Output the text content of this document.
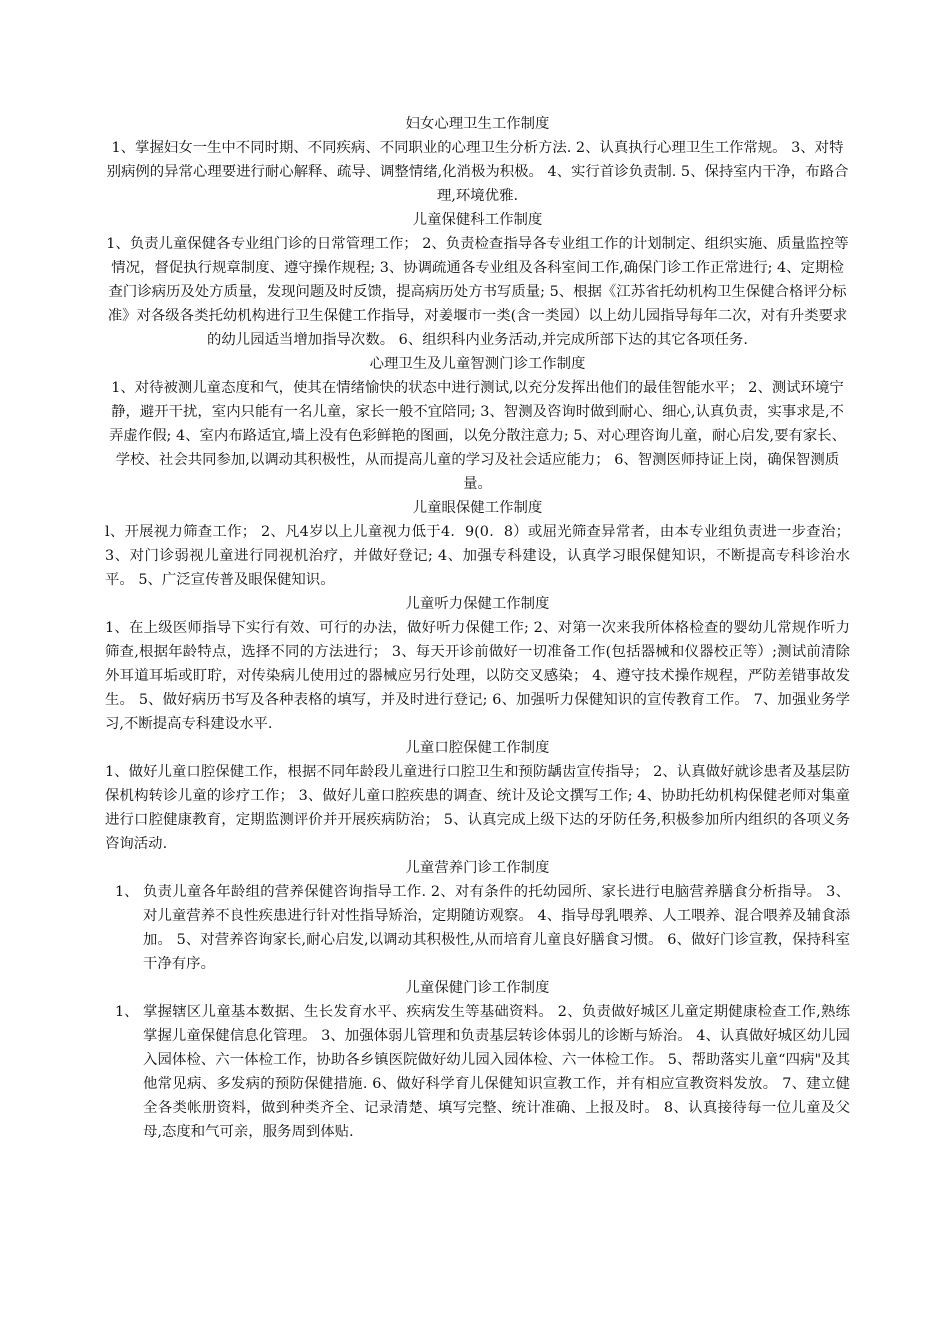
妇女心理卫生工作制度

1、掌握妇女一生中不同时期、不同疾病、不同职业的心理卫生分析方法. 2、认真执行心理卫生工作常规。 3、对特别病例的异常心理要进行耐心解释、疏导、调整情绪,化消极为积极。 4、实行首诊负责制. 5、保持室内干净，布路合理,环境优雅.

儿童保健科工作制度

1、负责儿童保健各专业组门诊的日常管理工作； 2、负责检查指导各专业组工作的计划制定、组织实施、质量监控等情况，督促执行规章制度、遵守操作规程; 3、协调疏通各专业组及各科室间工作,确保门诊工作正常进行; 4、定期检查门诊病历及处方质量，发现问题及时反馈，提高病历处方书写质量; 5、根据《江苏省托幼机构卫生保健合格评分标准》对各级各类托幼机构进行卫生保健工作指导，对姜堰市一类(含一类园）以上幼儿园指导每年二次，对有升类要求的幼儿园适当增加指导次数。 6、组织科内业务活动,并完成所部下达的其它各项任务.

心理卫生及儿童智测门诊工作制度

1、对待被测儿童态度和气，使其在情绪愉快的状态中进行测试,以充分发挥出他们的最佳智能水平； 2、测试环境宁静，避开干扰，室内只能有一名儿童，家长一般不宜陪同; 3、智测及咨询时做到耐心、细心,认真负责，实事求是,不弄虚作假; 4、室内布路适宜,墙上没有色彩鲜艳的图画，以免分散注意力; 5、对心理咨询儿童，耐心启发,要有家长、学校、社会共同参加,以调动其积极性，从而提高儿童的学习及社会适应能力； 6、智测医师持证上岗，确保智测质量。

儿童眼保健工作制度

l、开展视力筛查工作； 2、凡4岁以上儿童视力低于4．9(0．8）或屈光筛查异常者，由本专业组负责进一步查治； 3、对门诊弱视儿童进行同视机治疗，并做好登记; 4、加强专科建设，认真学习眼保健知识，不断提高专科诊治水平。 5、广泛宣传普及眼保健知识。

儿童听力保健工作制度

1、在上级医师指导下实行有效、可行的办法，做好听力保健工作; 2、对第一次来我所体格检查的婴幼儿常规作听力筛查,根据年龄特点，选择不同的方法进行； 3、每天开诊前做好一切准备工作(包括器械和仪器校正等）;测试前清除外耳道耳垢或盯聍，对传染病儿使用过的器械应另行处理，以防交叉感染； 4、遵守技术操作规程，严防差错事故发生。 5、做好病历书写及各种表格的填写，并及时进行登记; 6、加强听力保健知识的宣传教育工作。 7、加强业务学习,不断提高专科建设水平.

儿童口腔保健工作制度

1、做好儿童口腔保健工作，根据不同年龄段儿童进行口腔卫生和预防龋齿宣传指导； 2、认真做好就诊患者及基层防保机构转诊儿童的诊疗工作； 3、做好儿童口腔疾患的调查、统计及论文撰写工作; 4、协助托幼机构保健老师对集童进行口腔健康教育，定期监测评价并开展疾病防治； 5、认真完成上级下达的牙防任务,积极参加所内组织的各项义务咨询活动.

儿童营养门诊工作制度

1、 负责儿童各年龄组的营养保健咨询指导工作. 2、对有条件的托幼园所、家长进行电脑营养膳食分析指导。 3、对儿童营养不良性疾患进行针对性指导矫治，定期随访观察。 4、指导母乳喂养、人工喂养、混合喂养及辅食添加。 5、对营养咨询家长,耐心启发,以调动其积极性,从而培育儿童良好膳食习惯。 6、做好门诊宣教，保持科室干净有序。

儿童保健门诊工作制度

1、 掌握辖区儿童基本数据、生长发育水平、疾病发生等基础资料。 2、负责做好城区儿童定期健康检查工作,熟练掌握儿童保健信息化管理。 3、加强体弱儿管理和负责基层转诊体弱儿的诊断与矫治。 4、认真做好城区幼儿园入园体检、六一体检工作，协助各乡镇医院做好幼儿园入园体检、六一体检工作。 5、帮助落实儿童“四病"及其他常见病、多发病的预防保健措施. 6、做好科学育儿保健知识宣教工作，并有相应宣教资料发放。 7、建立健全各类帐册资料，做到种类齐全、记录清楚、填写完整、统计准确、上报及时。 8、认真接待每一位儿童及父母,态度和气可亲，服务周到体贴.
